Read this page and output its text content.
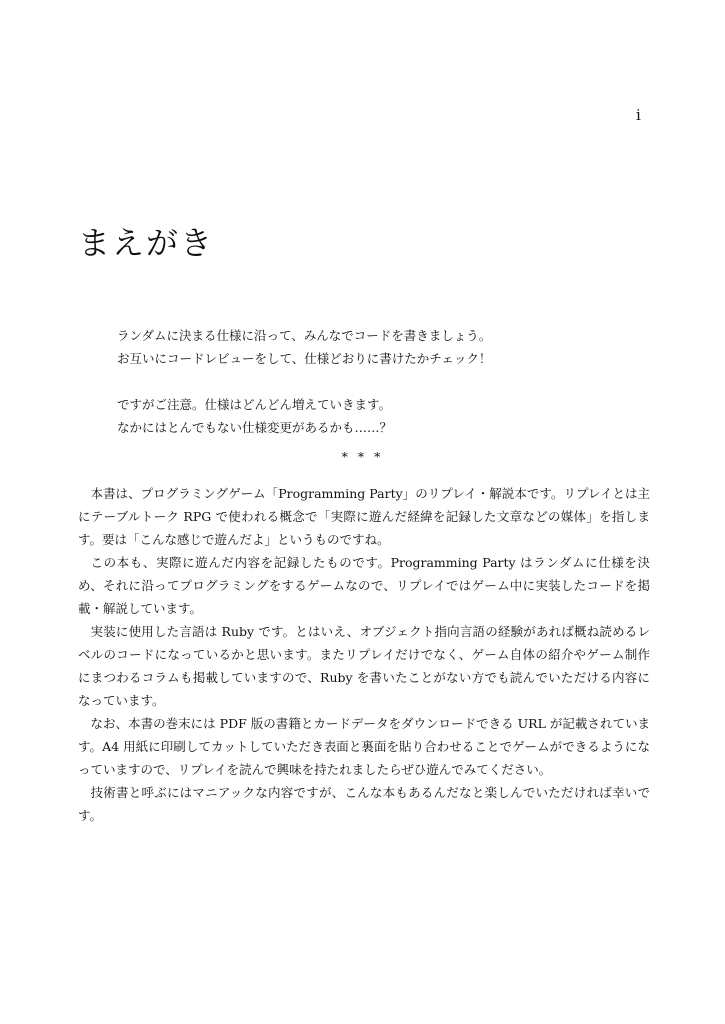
i
まえがき
ランダムに決まる仕様に沿って、みんなでコードを書きましょう。
お互いにコードレビューをして、仕様どおりに書けたかチェック！
ですがご注意。仕様はどんどん増えていきます。
なかにはとんでもない仕様変更があるかも……？
* * *

本書は、プログラミングゲーム「Programming Party」のリプレイ・解説本です。リプレイとは主にテーブルトーク RPG で使われる概念で「実際に遊んだ経緯を記録した文章などの媒体」を指します。要は「こんな感じで遊んだよ」というものですね。

この本も、実際に遊んだ内容を記録したものです。Programming Party はランダムに仕様を決め、それに沿ってプログラミングをするゲームなので、リプレイではゲーム中に実装したコードを掲載・解説しています。

実装に使用した言語は Ruby です。とはいえ、オブジェクト指向言語の経験があれば概ね読めるレベルのコードになっているかと思います。またリプレイだけでなく、ゲーム自体の紹介やゲーム制作にまつわるコラムも掲載していますので、Ruby を書いたことがない方でも読んでいただける内容になっています。

なお、本書の巻末には PDF 版の書籍とカードデータをダウンロードできる URL が記載されています。A4 用紙に印刷してカットしていただき表面と裏面を貼り合わせることでゲームができるようになっていますので、リプレイを読んで興味を持たれましたらぜひ遊んでみてください。

技術書と呼ぶにはマニアックな内容ですが、こんな本もあるんだなと楽しんでいただければ幸いです。
